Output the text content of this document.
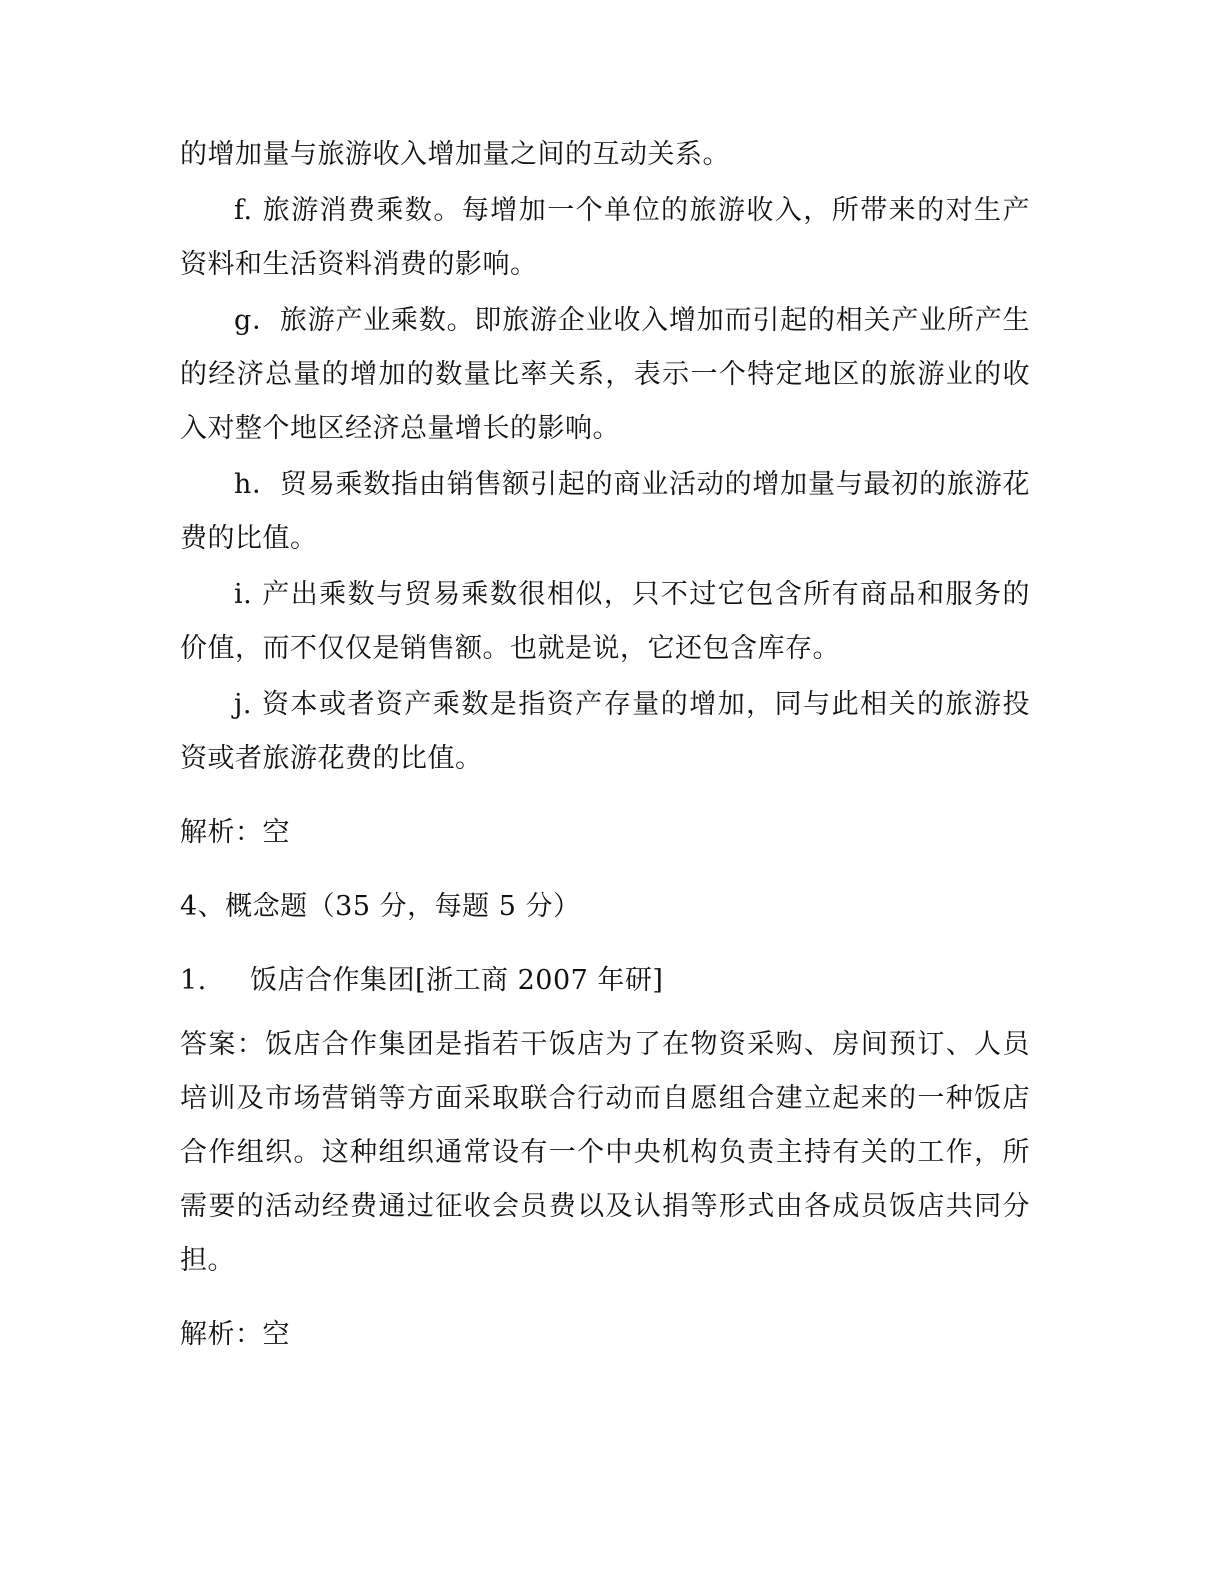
的增加量与旅游收入增加量之间的互动关系。

f. 旅游消费乘数。每增加一个单位的旅游收入，所带来的对生产资料和生活资料消费的影响。

g．旅游产业乘数。即旅游企业收入增加而引起的相关产业所产生的经济总量的增加的数量比率关系，表示一个特定地区的旅游业的收入对整个地区经济总量增长的影响。

h．贸易乘数指由销售额引起的商业活动的增加量与最初的旅游花费的比值。

i. 产出乘数与贸易乘数很相似，只不过它包含所有商品和服务的价值，而不仅仅是销售额。也就是说，它还包含库存。

j. 资本或者资产乘数是指资产存量的增加，同与此相关的旅游投资或者旅游花费的比值。

解析：空

4、概念题（35 分，每题 5 分）

1.	饭店合作集团[浙工商 2007 年研]

答案：饭店合作集团是指若干饭店为了在物资采购、房间预订、人员培训及市场营销等方面采取联合行动而自愿组合建立起来的一种饭店合作组织。这种组织通常设有一个中央机构负责主持有关的工作，所需要的活动经费通过征收会员费以及认捐等形式由各成员饭店共同分担。

解析：空
